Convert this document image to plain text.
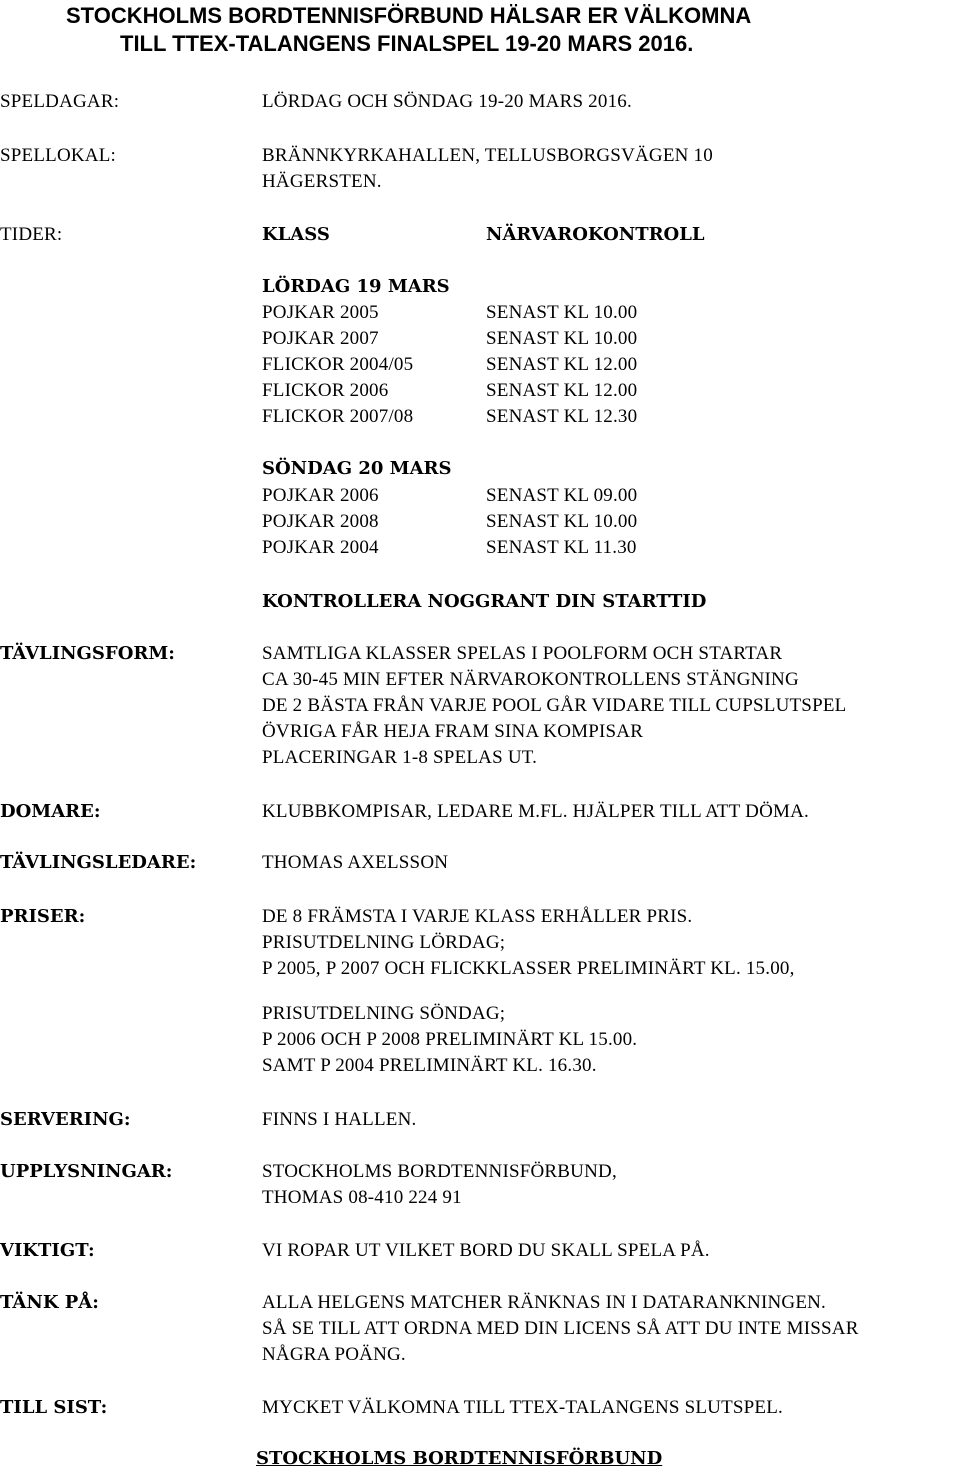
STOCKHOLMS BORDTENNISFÖRBUND HÄLSAR ER VÄLKOMNA
TILL TTEX-TALANGENS FINALSPEL 19-20 MARS 2016.
SPELDAGAR:	LÖRDAG OCH SÖNDAG 19-20 MARS 2016.
SPELLOKAL:	BRÄNNKYRKAHALLEN, TELLUSBORGSVÄGEN 10
HÄGERSTEN.
TIDER:	KLASS	NÄRVAROKONTROLL
LÖRDAG 19 MARS
POJKAR 2005	SENAST KL 10.00
POJKAR 2007	SENAST KL 10.00
FLICKOR 2004/05	SENAST KL 12.00
FLICKOR 2006	SENAST KL 12.00
FLICKOR 2007/08	SENAST KL 12.30
SÖNDAG 20 MARS
POJKAR 2006	SENAST KL 09.00
POJKAR 2008	SENAST KL 10.00
POJKAR 2004	SENAST KL 11.30
KONTROLLERA NOGGRANT DIN STARTTID
TÄVLINGSFORM:	SAMTLIGA KLASSER SPELAS I POOLFORM OCH STARTAR
CA 30-45 MIN EFTER NÄRVAROKONTROLLENS STÄNGNING
DE 2 BÄSTA FRÅN VARJE POOL GÅR VIDARE TILL CUPSLUTSPEL
ÖVRIGA FÅR HEJA FRAM SINA KOMPISAR
PLACERINGAR 1-8 SPELAS UT.
DOMARE:	KLUBBKOMPISAR, LEDARE M.FL. HJÄLPER TILL ATT DÖMA.
TÄVLINGSLEDARE:	THOMAS AXELSSON
PRISER:	DE 8 FRÄMSTA I VARJE KLASS ERHÅLLER PRIS.
PRISUTDELNING LÖRDAG;
P 2005, P 2007 OCH FLICKKLASSER PRELIMINÄRT KL. 15.00,
PRISUTDELNING SÖNDAG;
P 2006 OCH P 2008 PRELIMINÄRT KL 15.00.
SAMT P 2004 PRELIMINÄRT KL. 16.30.
SERVERING:	FINNS I HALLEN.
UPPLYSNINGAR:	STOCKHOLMS BORDTENNISFÖRBUND,
THOMAS 08-410 224 91
VIKTIGT:	VI ROPAR UT VILKET BORD DU SKALL SPELA PÅ.
TÄNK PÅ:	ALLA HELGENS MATCHER RÄNKNAS IN I DATARANKNINGEN.
SÅ SE TILL ATT ORDNA MED DIN LICENS SÅ ATT DU INTE MISSAR
NÅGRA POÄNG.
TILL SIST:	MYCKET VÄLKOMNA TILL TTEX-TALANGENS SLUTSPEL.
STOCKHOLMS BORDTENNISFÖRBUND
